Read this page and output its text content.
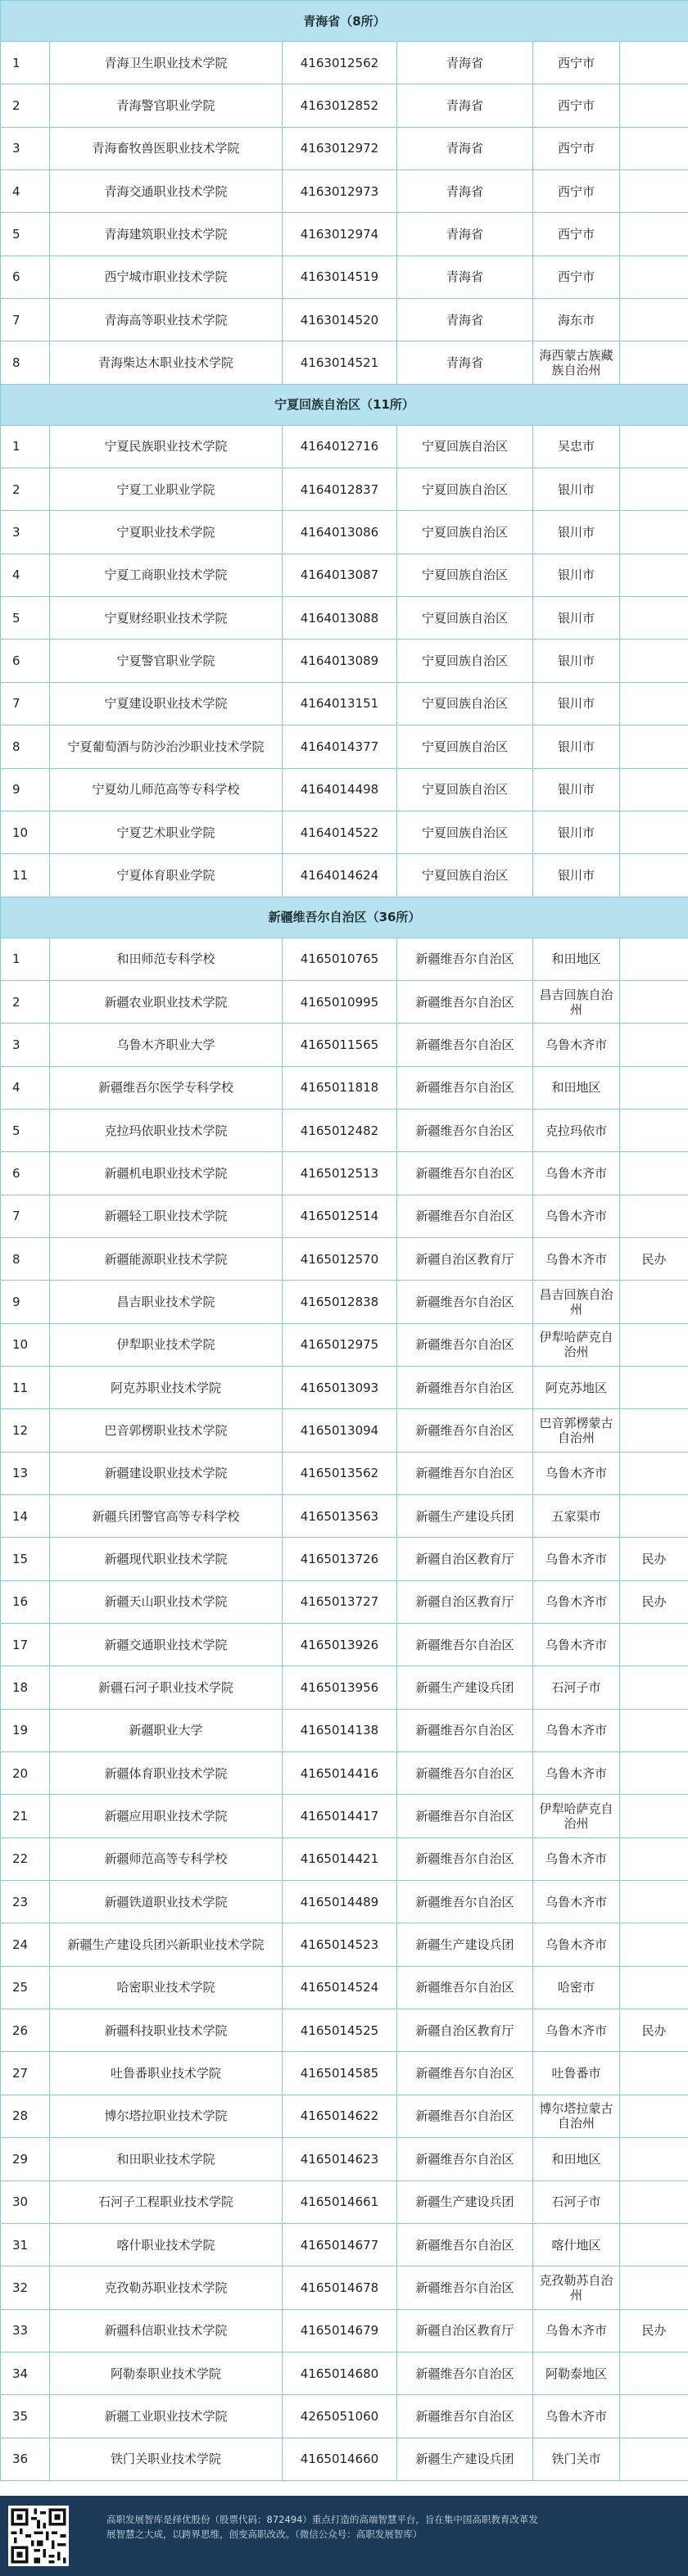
青海省（8所）					
1	青海卫生职业技术学院	4163012562	青海省	西宁市	
2	青海警官职业学院	4163012852	青海省	西宁市	
3	青海畜牧兽医职业技术学院	4163012972	青海省	西宁市	
4	青海交通职业技术学院	4163012973	青海省	西宁市	
5	青海建筑职业技术学院	4163012974	青海省	西宁市	
6	西宁城市职业技术学院	4163014519	青海省	西宁市	
7	青海高等职业技术学院	4163014520	青海省	海东市	
8	青海柴达木职业技术学院	4163014521	青海省	海西蒙古族藏族自治州	
宁夏回族自治区（11所）					
1	宁夏民族职业技术学院	4164012716	宁夏回族自治区	吴忠市	
2	宁夏工业职业学院	4164012837	宁夏回族自治区	银川市	
3	宁夏职业技术学院	4164013086	宁夏回族自治区	银川市	
4	宁夏工商职业技术学院	4164013087	宁夏回族自治区	银川市	
5	宁夏财经职业技术学院	4164013088	宁夏回族自治区	银川市	
6	宁夏警官职业学院	4164013089	宁夏回族自治区	银川市	
7	宁夏建设职业技术学院	4164013151	宁夏回族自治区	银川市	
8	宁夏葡萄酒与防沙治沙职业技术学院	4164014377	宁夏回族自治区	银川市	
9	宁夏幼儿师范高等专科学校	4164014498	宁夏回族自治区	银川市	
10	宁夏艺术职业学院	4164014522	宁夏回族自治区	银川市	
11	宁夏体育职业学院	4164014624	宁夏回族自治区	银川市	
新疆维吾尔自治区（36所）					
1	和田师范专科学校	4165010765	新疆维吾尔自治区	和田地区	
2	新疆农业职业技术学院	4165010995	新疆维吾尔自治区	昌吉回族自治州	
3	乌鲁木齐职业大学	4165011565	新疆维吾尔自治区	乌鲁木齐市	
4	新疆维吾尔医学专科学校	4165011818	新疆维吾尔自治区	和田地区	
5	克拉玛依职业技术学院	4165012482	新疆维吾尔自治区	克拉玛依市	
6	新疆机电职业技术学院	4165012513	新疆维吾尔自治区	乌鲁木齐市	
7	新疆轻工职业技术学院	4165012514	新疆维吾尔自治区	乌鲁木齐市	
8	新疆能源职业技术学院	4165012570	新疆自治区教育厅	乌鲁木齐市	民办
9	昌吉职业技术学院	4165012838	新疆维吾尔自治区	昌吉回族自治州	
10	伊犁职业技术学院	4165012975	新疆维吾尔自治区	伊犁哈萨克自治州	
11	阿克苏职业技术学院	4165013093	新疆维吾尔自治区	阿克苏地区	
12	巴音郭楞职业技术学院	4165013094	新疆维吾尔自治区	巴音郭楞蒙古自治州	
13	新疆建设职业技术学院	4165013562	新疆维吾尔自治区	乌鲁木齐市	
14	新疆兵团警官高等专科学校	4165013563	新疆生产建设兵团	五家渠市	
15	新疆现代职业技术学院	4165013726	新疆自治区教育厅	乌鲁木齐市	民办
16	新疆天山职业技术学院	4165013727	新疆自治区教育厅	乌鲁木齐市	民办
17	新疆交通职业技术学院	4165013926	新疆维吾尔自治区	乌鲁木齐市	
18	新疆石河子职业技术学院	4165013956	新疆生产建设兵团	石河子市	
19	新疆职业大学	4165014138	新疆维吾尔自治区	乌鲁木齐市	
20	新疆体育职业技术学院	4165014416	新疆维吾尔自治区	乌鲁木齐市	
21	新疆应用职业技术学院	4165014417	新疆维吾尔自治区	伊犁哈萨克自治州	
22	新疆师范高等专科学校	4165014421	新疆维吾尔自治区	乌鲁木齐市	
23	新疆铁道职业技术学院	4165014489	新疆维吾尔自治区	乌鲁木齐市	
24	新疆生产建设兵团兴新职业技术学院	4165014523	新疆生产建设兵团	乌鲁木齐市	
25	哈密职业技术学院	4165014524	新疆维吾尔自治区	哈密市	
26	新疆科技职业技术学院	4165014525	新疆自治区教育厅	乌鲁木齐市	民办
27	吐鲁番职业技术学院	4165014585	新疆维吾尔自治区	吐鲁番市	
28	博尔塔拉职业技术学院	4165014622	新疆维吾尔自治区	博尔塔拉蒙古自治州	
29	和田职业技术学院	4165014623	新疆维吾尔自治区	和田地区	
30	石河子工程职业技术学院	4165014661	新疆生产建设兵团	石河子市	
31	喀什职业技术学院	4165014677	新疆维吾尔自治区	喀什地区	
32	克孜勒苏职业技术学院	4165014678	新疆维吾尔自治区	克孜勒苏自治州	
33	新疆科信职业技术学院	4165014679	新疆自治区教育厅	乌鲁木齐市	民办
34	阿勒泰职业技术学院	4165014680	新疆维吾尔自治区	阿勒泰地区	
35	新疆工业职业技术学院	4265051060	新疆维吾尔自治区	乌鲁木齐市	
36	铁门关职业技术学院	4165014660	新疆生产建设兵团	铁门关市	
高职发展智库是择优股份（股票代码：872494）重点打造的高端智慧平台，旨在集中国高职教育改革发
展智慧之大成，以跨界思维，创变高职改改。（微信公众号：高职发展智库）
